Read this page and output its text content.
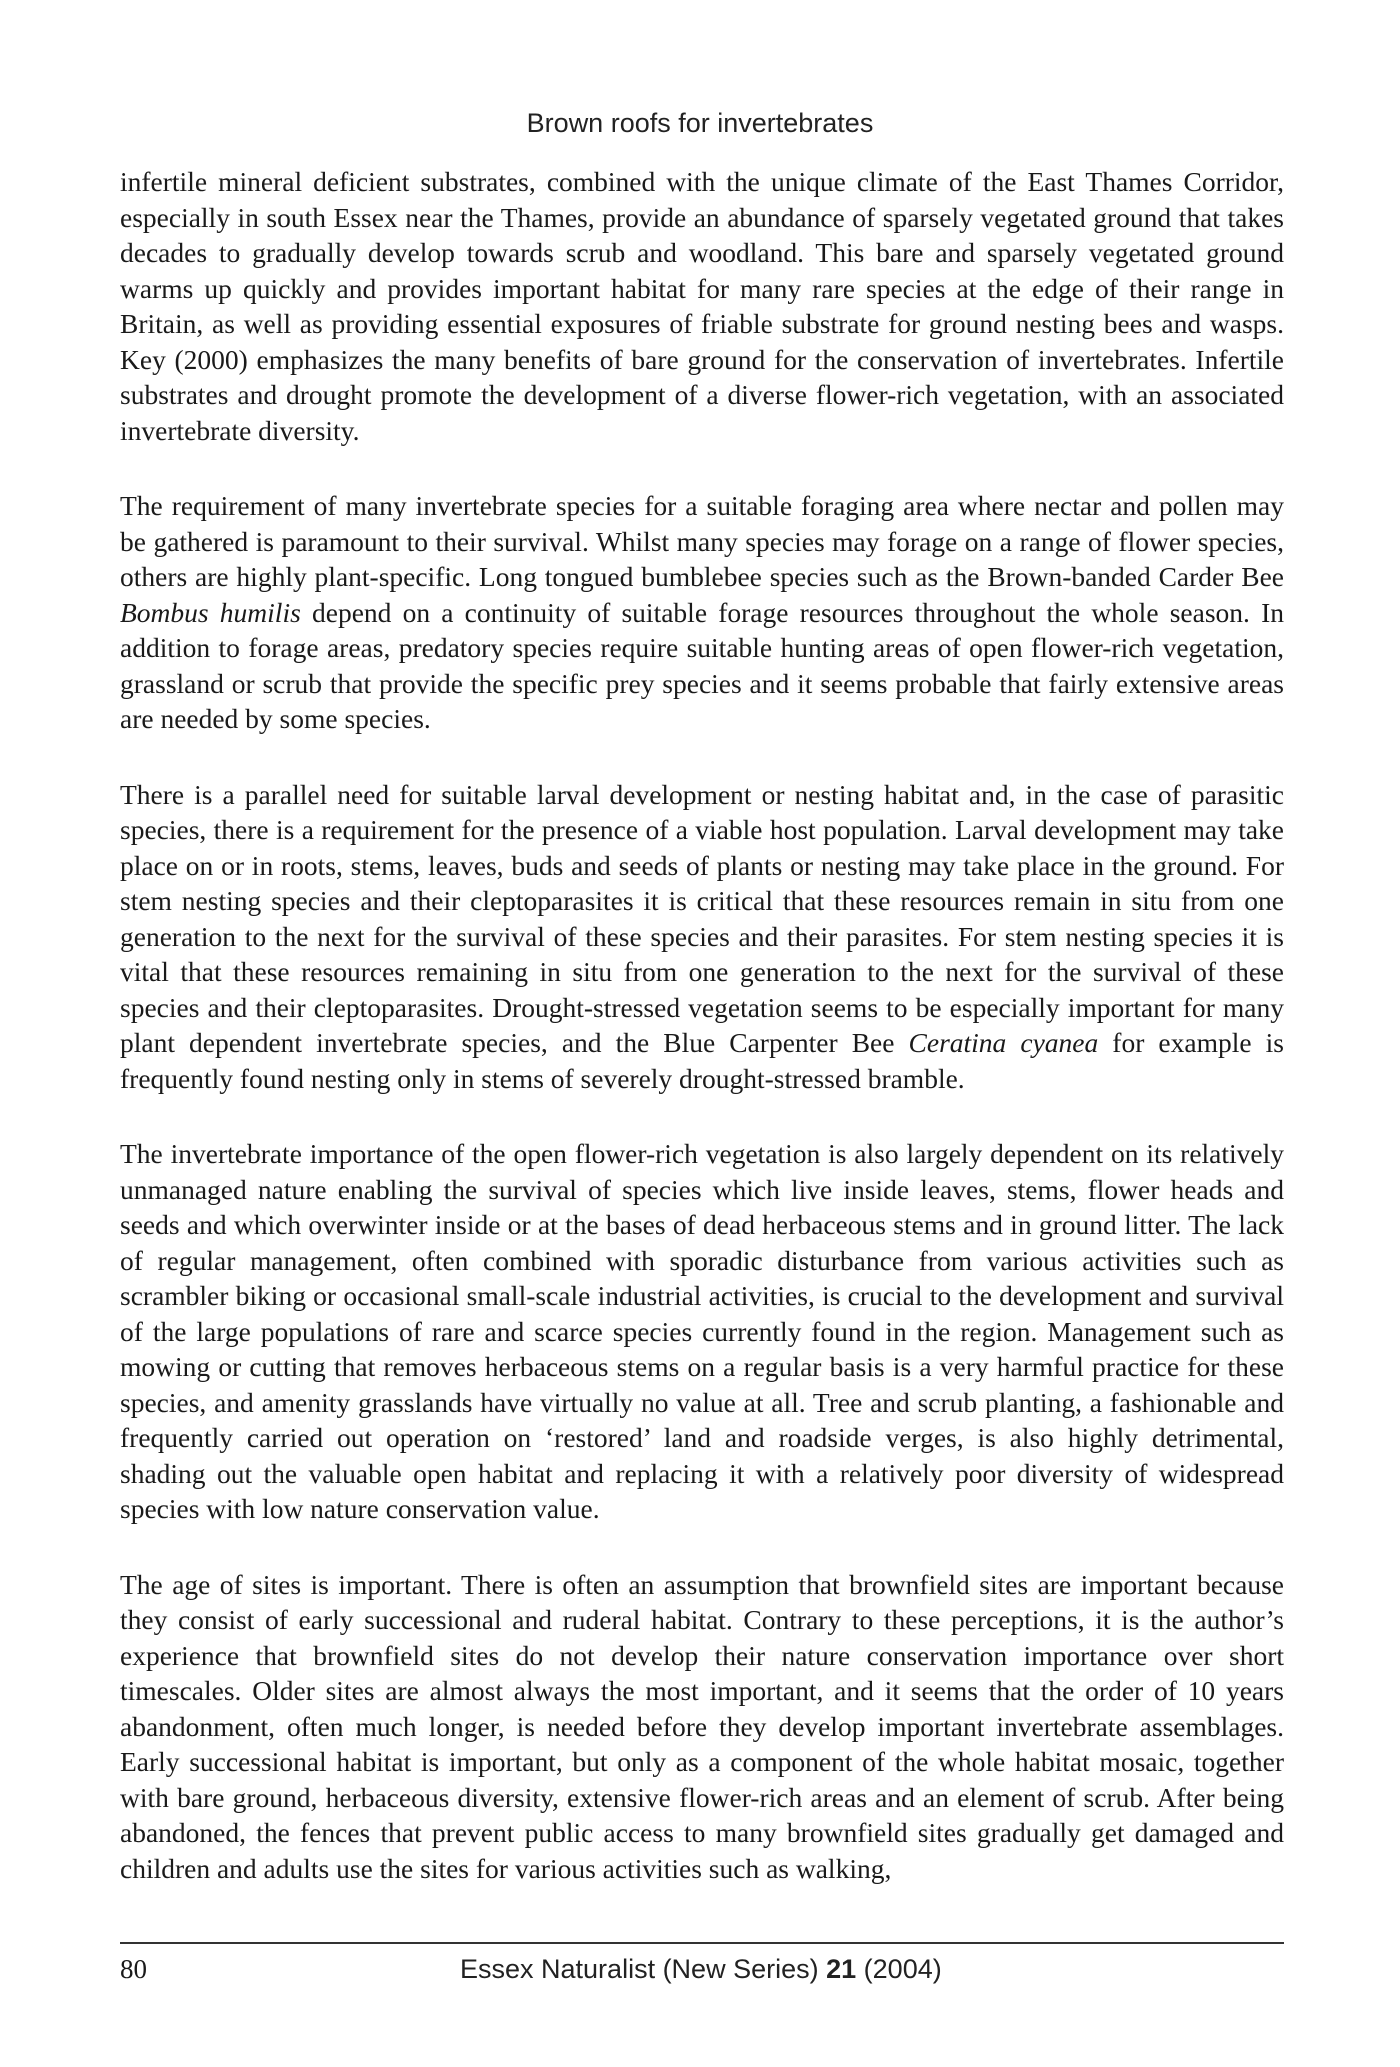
Brown roofs for invertebrates

infertile mineral deficient substrates, combined with the unique climate of the East Thames Corridor, especially in south Essex near the Thames, provide an abundance of sparsely vegetated ground that takes decades to gradually develop towards scrub and woodland. This bare and sparsely vegetated ground warms up quickly and provides important habitat for many rare species at the edge of their range in Britain, as well as providing essential exposures of friable substrate for ground nesting bees and wasps. Key (2000) emphasizes the many benefits of bare ground for the conservation of invertebrates. Infertile substrates and drought promote the development of a diverse flower-rich vegetation, with an associated invertebrate diversity.

The requirement of many invertebrate species for a suitable foraging area where nectar and pollen may be gathered is paramount to their survival. Whilst many species may forage on a range of flower species, others are highly plant-specific. Long tongued bumblebee species such as the Brown-banded Carder Bee Bombus humilis depend on a continuity of suitable forage resources throughout the whole season. In addition to forage areas, predatory species require suitable hunting areas of open flower-rich vegetation, grassland or scrub that provide the specific prey species and it seems probable that fairly extensive areas are needed by some species.

There is a parallel need for suitable larval development or nesting habitat and, in the case of parasitic species, there is a requirement for the presence of a viable host population. Larval development may take place on or in roots, stems, leaves, buds and seeds of plants or nesting may take place in the ground. For stem nesting species and their cleptoparasites it is critical that these resources remain in situ from one generation to the next for the survival of these species and their parasites. For stem nesting species it is vital that these resources remaining in situ from one generation to the next for the survival of these species and their cleptoparasites. Drought-stressed vegetation seems to be especially important for many plant dependent invertebrate species, and the Blue Carpenter Bee Ceratina cyanea for example is frequently found nesting only in stems of severely drought-stressed bramble.

The invertebrate importance of the open flower-rich vegetation is also largely dependent on its relatively unmanaged nature enabling the survival of species which live inside leaves, stems, flower heads and seeds and which overwinter inside or at the bases of dead herbaceous stems and in ground litter. The lack of regular management, often combined with sporadic disturbance from various activities such as scrambler biking or occasional small-scale industrial activities, is crucial to the development and survival of the large populations of rare and scarce species currently found in the region. Management such as mowing or cutting that removes herbaceous stems on a regular basis is a very harmful practice for these species, and amenity grasslands have virtually no value at all. Tree and scrub planting, a fashionable and frequently carried out operation on ‘restored’ land and roadside verges, is also highly detrimental, shading out the valuable open habitat and replacing it with a relatively poor diversity of widespread species with low nature conservation value.

The age of sites is important. There is often an assumption that brownfield sites are important because they consist of early successional and ruderal habitat. Contrary to these perceptions, it is the author’s experience that brownfield sites do not develop their nature conservation importance over short timescales. Older sites are almost always the most important, and it seems that the order of 10 years abandonment, often much longer, is needed before they develop important invertebrate assemblages. Early successional habitat is important, but only as a component of the whole habitat mosaic, together with bare ground, herbaceous diversity, extensive flower-rich areas and an element of scrub. After being abandoned, the fences that prevent public access to many brownfield sites gradually get damaged and children and adults use the sites for various activities such as walking,

80	Essex Naturalist (New Series) 21 (2004)
